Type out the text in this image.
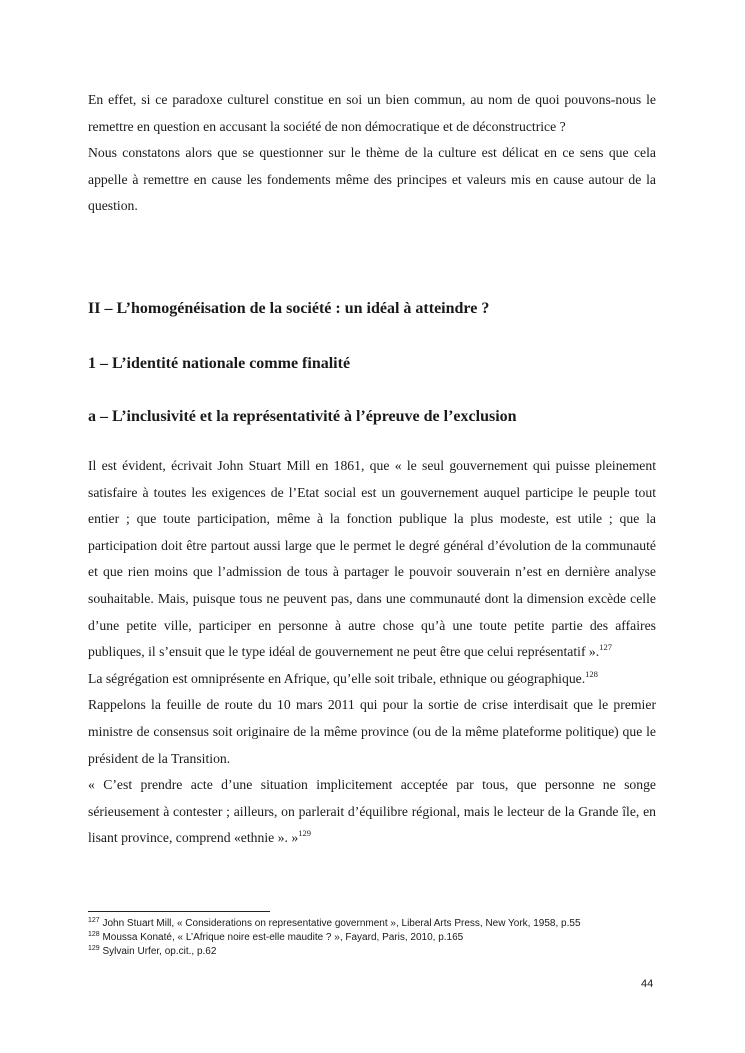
En effet, si ce paradoxe culturel constitue en soi un bien commun, au nom de quoi pouvons-nous le remettre en question en accusant la société de non démocratique et de déconstructrice ?

Nous constatons alors que se questionner sur le thème de la culture est délicat en ce sens que cela appelle à remettre en cause les fondements même des principes et valeurs mis en cause autour de la question.

II – L’homogénéisation de la société : un idéal à atteindre ?
1 – L’identité nationale comme finalité
a – L’inclusivité et la représentativité à l’épreuve de l’exclusion

Il est évident, écrivait John Stuart Mill en 1861, que « le seul gouvernement qui puisse pleinement satisfaire à toutes les exigences de l’Etat social est un gouvernement auquel participe le peuple tout entier ; que toute participation, même à la fonction publique la plus modeste, est utile ; que la participation doit être partout aussi large que le permet le degré général d’évolution de la communauté et que rien moins que l’admission de tous à partager le pouvoir souverain n’est en dernière analyse souhaitable. Mais, puisque tous ne peuvent pas, dans une communauté dont la dimension excède celle d’une petite ville, participer en personne à autre chose qu’à une toute petite partie des affaires publiques, il s’ensuit que le type idéal de gouvernement ne peut être que celui représentatif ».$^{127}$

La ségrégation est omniprésente en Afrique, qu’elle soit tribale, ethnique ou géographique.$^{128}$

Rappelons la feuille de route du 10 mars 2011 qui pour la sortie de crise interdisait que le premier ministre de consensus soit originaire de la même province (ou de la même plateforme politique) que le président de la Transition.

« C’est prendre acte d’une situation implicitement acceptée par tous, que personne ne songe sérieusement à contester ; ailleurs, on parlerait d’équilibre régional, mais le lecteur de la Grande île, en lisant province, comprend «ethnie ». »$^{129}$

$^{127}$ John Stuart Mill, « Considerations on representative government », Liberal Arts Press, New York, 1958, p.55
$^{128}$ Moussa Konaté, « L’Afrique noire est-elle maudite ? », Fayard, Paris, 2010, p.165
$^{129}$ Sylvain Urfer, op.cit., p.62
44
